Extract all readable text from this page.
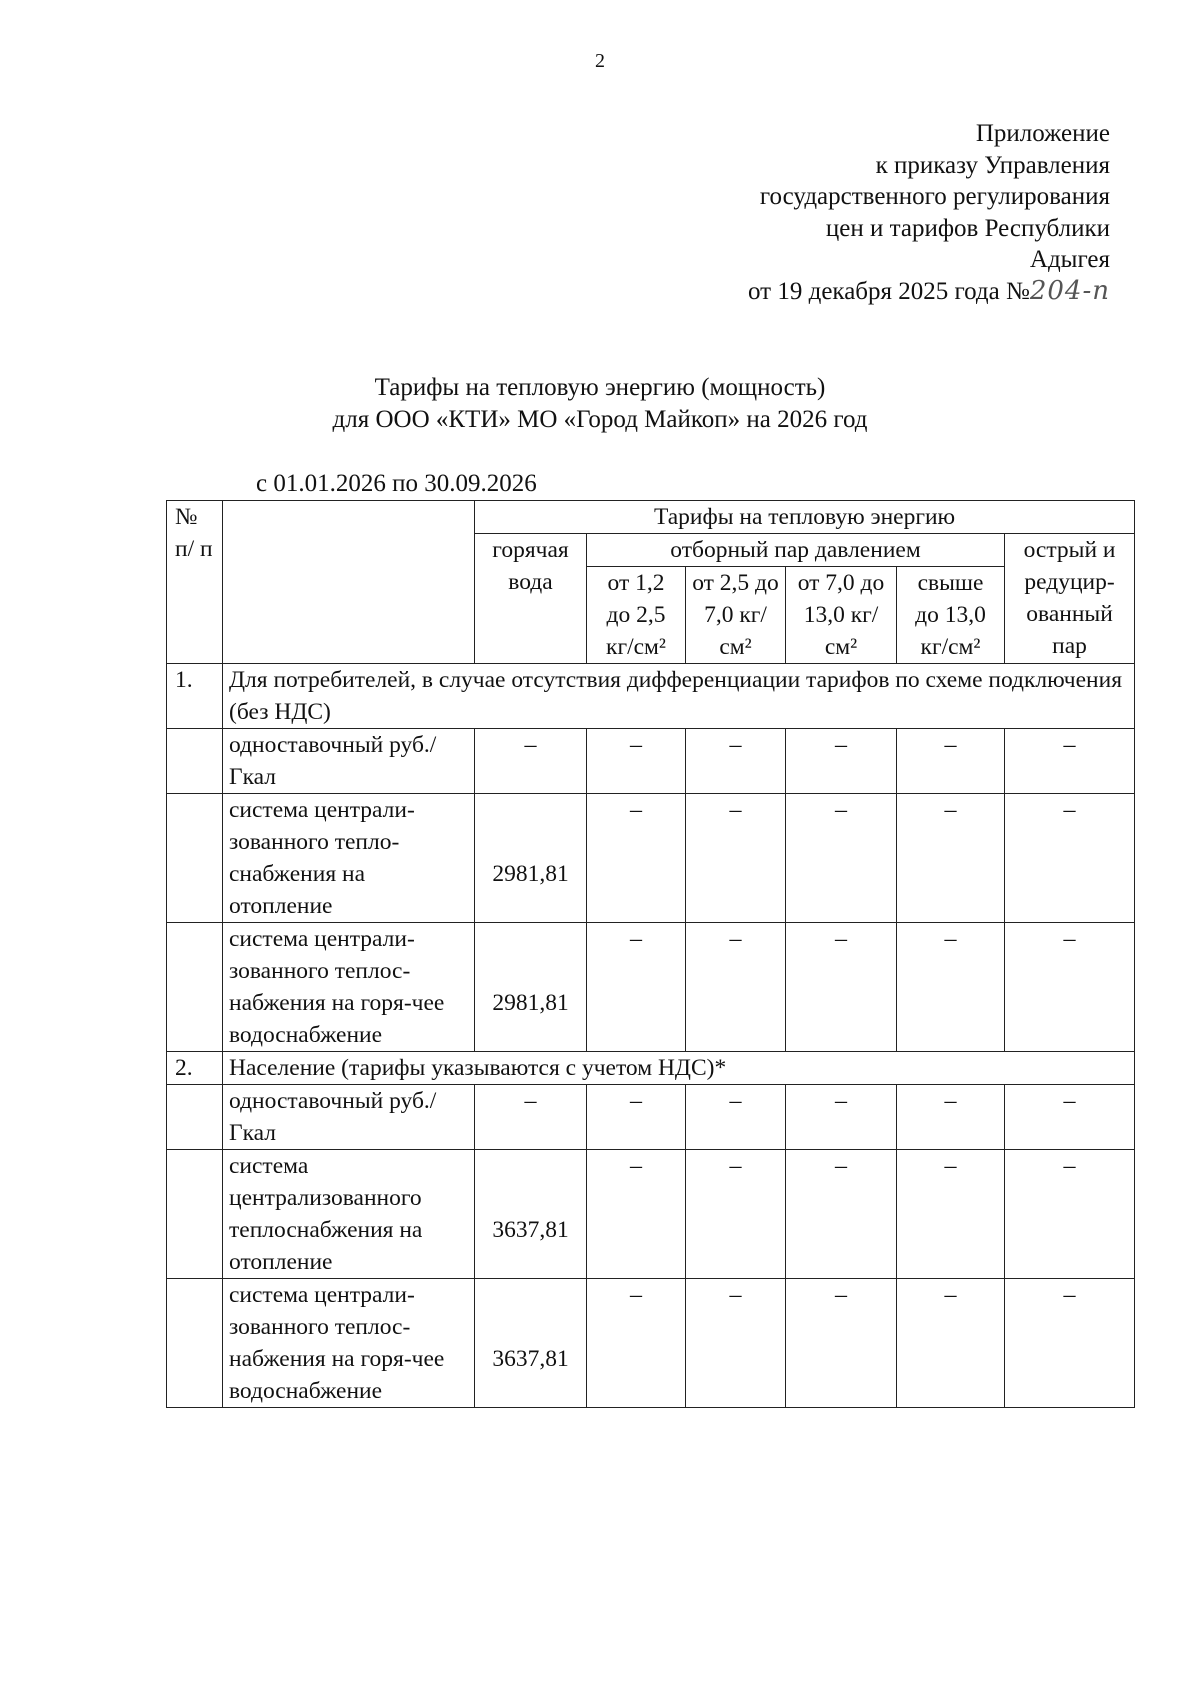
2
Приложение
к приказу Управления
государственного регулирования
цен и тарифов Республики
Адыгея
от 19 декабря 2025 года №204-п
Тарифы на тепловую энергию (мощность)
для ООО «КТИ» МО «Город Майкоп» на 2026 год
с 01.01.2026 по 30.09.2026
№ п/ п		Тарифы на тепловую энергию					
		горячая вода	отборный пар давлением				острый и редуцир-ованный пар
			от 1,2 до 2,5 кг/см²	от 2,5 до 7,0 кг/см²	от 7,0 до 13,0 кг/см²	свыше до 13,0 кг/см²	
1.	Для потребителей, в случае отсутствия дифференциации тарифов по схеме подключения (без НДС)						
	одноставочный руб./Гкал	–	–	–	–	–	–
	система централи-зованного тепло-снабжения на отопление	2981,81	–	–	–	–	–
	система централи-зованного теплос-набжения на горя-чее водоснабжение	2981,81	–	–	–	–	–
2.	Население (тарифы указываются с учетом НДС)*						
	одноставочный руб./Гкал	–	–	–	–	–	–
	система централизованного теплоснабжения на отопление	3637,81	–	–	–	–	–
	система централи-зованного теплос-набжения на горя-чее водоснабжение	3637,81	–	–	–	–	–
